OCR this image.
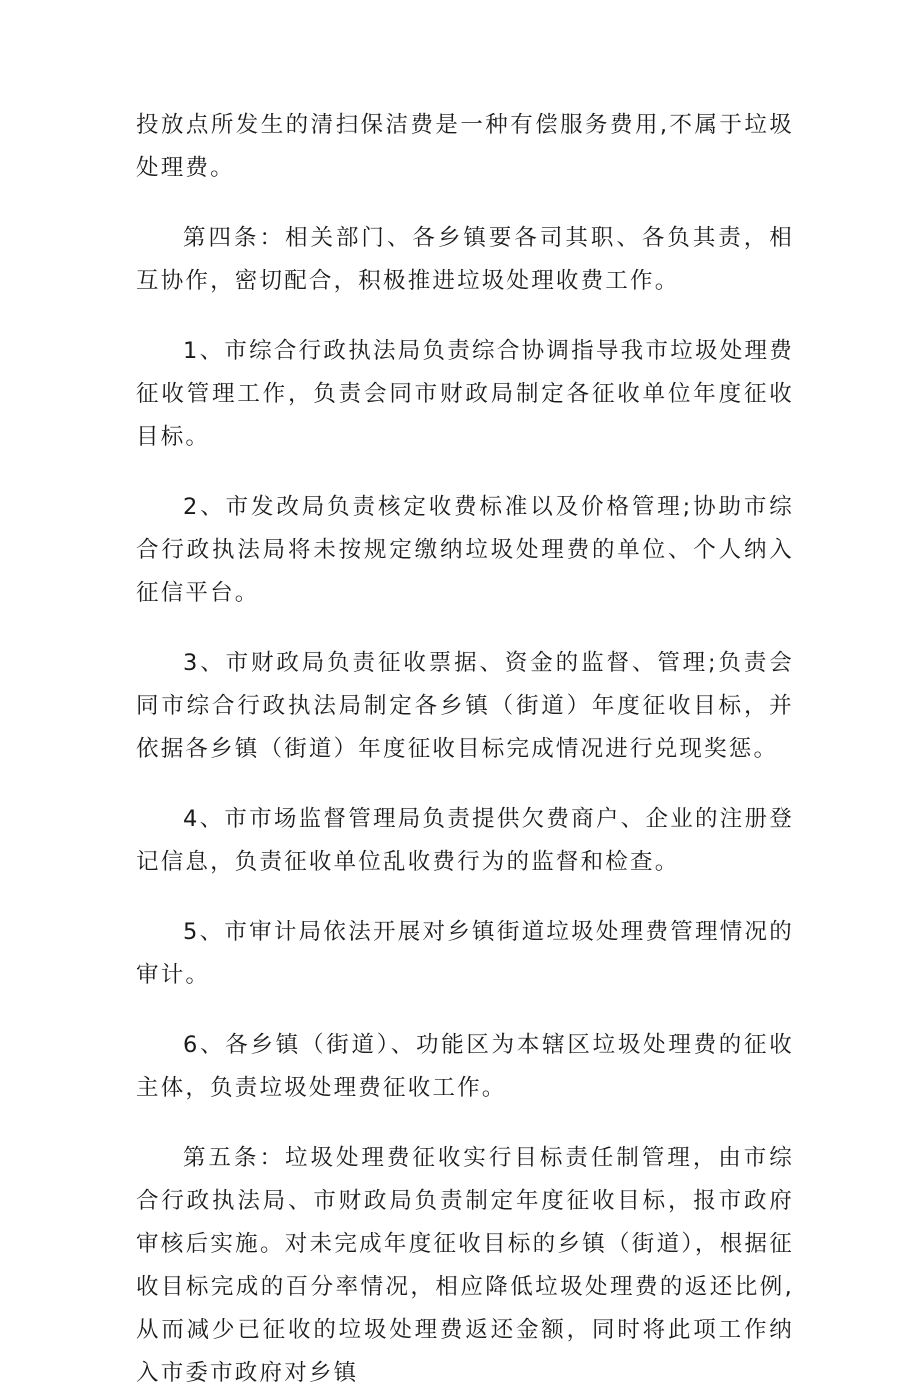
投放点所发生的清扫保洁费是一种有偿服务费用,不属于垃圾处理费。

第四条：相关部门、各乡镇要各司其职、各负其责，相互协作，密切配合，积极推进垃圾处理收费工作。

1、市综合行政执法局负责综合协调指导我市垃圾处理费征收管理工作，负责会同市财政局制定各征收单位年度征收目标。

2、市发改局负责核定收费标准以及价格管理;协助市综合行政执法局将未按规定缴纳垃圾处理费的单位、个人纳入征信平台。

3、市财政局负责征收票据、资金的监督、管理;负责会同市综合行政执法局制定各乡镇（街道）年度征收目标，并依据各乡镇（街道）年度征收目标完成情况进行兑现奖惩。

4、市市场监督管理局负责提供欠费商户、企业的注册登记信息，负责征收单位乱收费行为的监督和检查。

5、市审计局依法开展对乡镇街道垃圾处理费管理情况的审计。

6、各乡镇（街道）、功能区为本辖区垃圾处理费的征收主体，负责垃圾处理费征收工作。

第五条：垃圾处理费征收实行目标责任制管理，由市综合行政执法局、市财政局负责制定年度征收目标，报市政府审核后实施。对未完成年度征收目标的乡镇（街道），根据征收目标完成的百分率情况，相应降低垃圾处理费的返还比例,从而减少已征收的垃圾处理费返还金额，同时将此项工作纳入市委市政府对乡镇
